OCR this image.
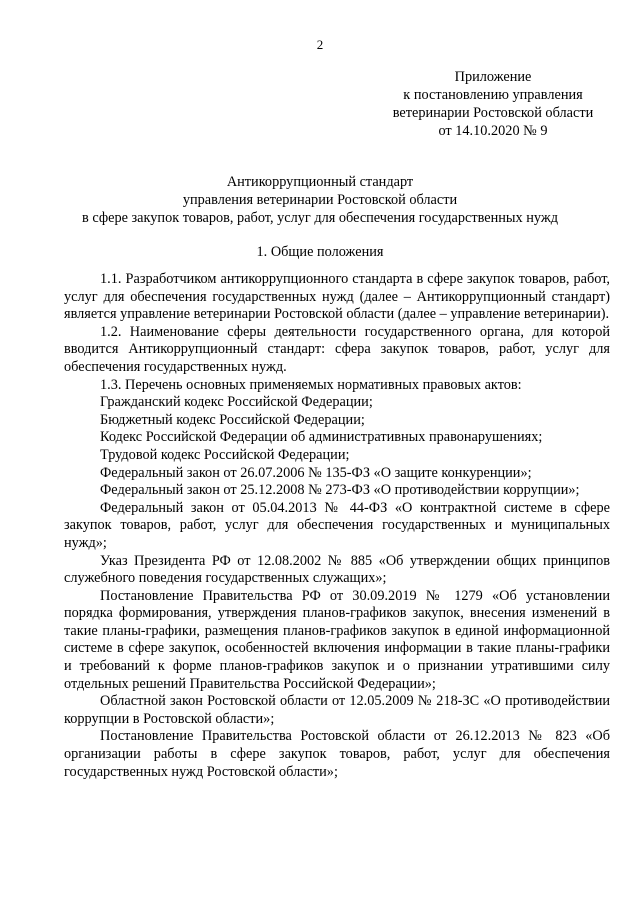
2
Приложение
к постановлению управления
ветеринарии Ростовской области
от 14.10.2020 № 9
Антикоррупционный стандарт
управления ветеринарии Ростовской области
в сфере закупок товаров, работ, услуг для обеспечения государственных нужд
1. Общие положения

1.1. Разработчиком антикоррупционного стандарта в сфере закупок товаров, работ, услуг для обеспечения государственных нужд (далее – Антикоррупционный стандарт) является управление ветеринарии Ростовской области (далее – управление ветеринарии).

1.2. Наименование сферы деятельности государственного органа, для которой вводится Антикоррупционный стандарт: сфера закупок товаров, работ, услуг для обеспечения государственных нужд.

1.3. Перечень основных применяемых нормативных правовых актов:

Гражданский кодекс Российской Федерации;

Бюджетный кодекс Российской Федерации;

Кодекс Российской Федерации об административных правонарушениях;

Трудовой кодекс Российской Федерации;

Федеральный закон от 26.07.2006 № 135-ФЗ «О защите конкуренции»;

Федеральный закон от 25.12.2008 № 273-ФЗ «О противодействии коррупции»;

Федеральный закон от 05.04.2013 № 44-ФЗ «О контрактной системе в сфере закупок товаров, работ, услуг для обеспечения государственных и муниципальных нужд»;

Указ Президента РФ от 12.08.2002 № 885 «Об утверждении общих принципов служебного поведения государственных служащих»;

Постановление Правительства РФ от 30.09.2019 № 1279 «Об установлении порядка формирования, утверждения планов-графиков закупок, внесения изменений в такие планы-графики, размещения планов-графиков закупок в единой информационной системе в сфере закупок, особенностей включения информации в такие планы-графики и требований к форме планов-графиков закупок и о признании утратившими силу отдельных решений Правительства Российской Федерации»;

Областной закон Ростовской области от 12.05.2009 № 218-ЗС «О противодействии коррупции в Ростовской области»;

Постановление Правительства Ростовской области от 26.12.2013 № 823 «Об организации работы в сфере закупок товаров, работ, услуг для обеспечения государственных нужд Ростовской области»;
